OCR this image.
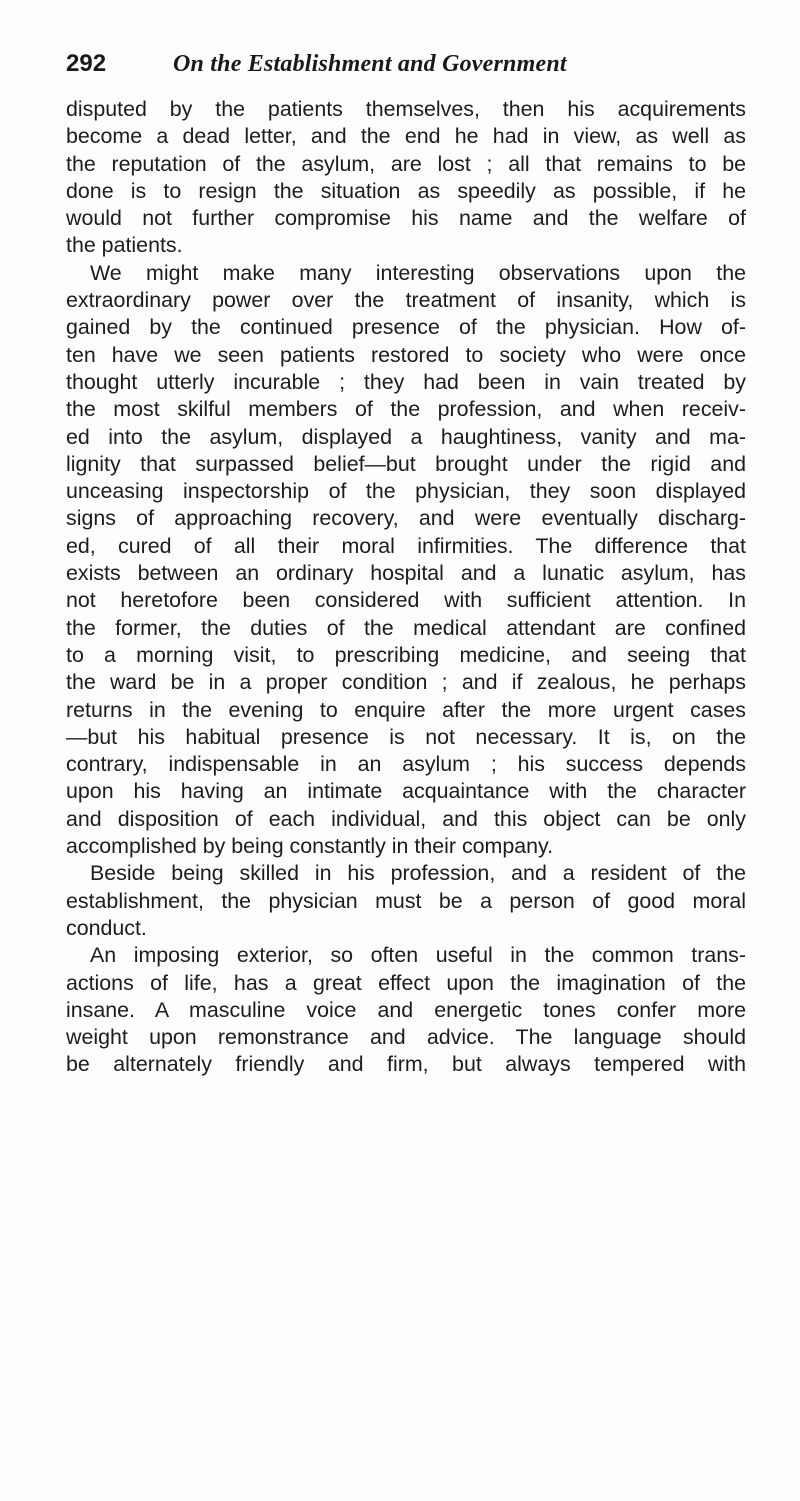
292	On the Establishment and Government
disputed by the patients themselves, then his acquirements
become a dead letter, and the end he had in view, as well as
the reputation of the asylum, are lost ; all that remains to be
done is to resign the situation as speedily as possible, if he
would not further compromise his name and the welfare of
the patients.
We might make many interesting observations upon the
extraordinary power over the treatment of insanity, which is
gained by the continued presence of the physician. How of-
ten have we seen patients restored to society who were once
thought utterly incurable ; they had been in vain treated by
the most skilful members of the profession, and when receiv-
ed into the asylum, displayed a haughtiness, vanity and ma-
lignity that surpassed belief—but brought under the rigid and
unceasing inspectorship of the physician, they soon displayed
signs of approaching recovery, and were eventually discharg-
ed, cured of all their moral infirmities. The difference that
exists between an ordinary hospital and a lunatic asylum, has
not heretofore been considered with sufficient attention. In
the former, the duties of the medical attendant are confined
to a morning visit, to prescribing medicine, and seeing that
the ward be in a proper condition ; and if zealous, he perhaps
returns in the evening to enquire after the more urgent cases
—but his habitual presence is not necessary. It is, on the
contrary, indispensable in an asylum ; his success depends
upon his having an intimate acquaintance with the character
and disposition of each individual, and this object can be only
accomplished by being constantly in their company.
Beside being skilled in his profession, and a resident of the
establishment, the physician must be a person of good moral
conduct.
An imposing exterior, so often useful in the common trans-
actions of life, has a great effect upon the imagination of the
insane. A masculine voice and energetic tones confer more
weight upon remonstrance and advice. The language should
be alternately friendly and firm, but always tempered with
